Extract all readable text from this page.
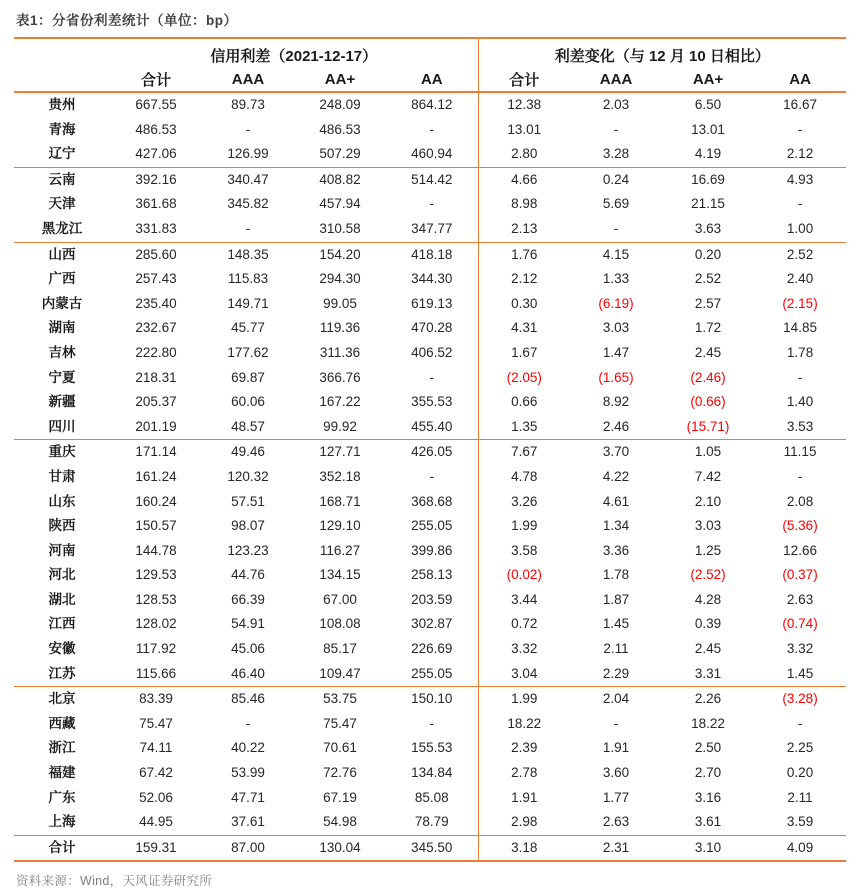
表1：分省份利差统计（单位：bp）
	信用利差（2021-12-17）				利差变化（与 12 月 10 日相比）			
	合计	AAA	AA+	AA	合计	AAA	AA+	AA
贵州	667.55	89.73	248.09	864.12	12.38	2.03	6.50	16.67
青海	486.53	-	486.53	-	13.01	-	13.01	-
辽宁	427.06	126.99	507.29	460.94	2.80	3.28	4.19	2.12
云南	392.16	340.47	408.82	514.42	4.66	0.24	16.69	4.93
天津	361.68	345.82	457.94	-	8.98	5.69	21.15	-
黑龙江	331.83	-	310.58	347.77	2.13	-	3.63	1.00
山西	285.60	148.35	154.20	418.18	1.76	4.15	0.20	2.52
广西	257.43	115.83	294.30	344.30	2.12	1.33	2.52	2.40
内蒙古	235.40	149.71	99.05	619.13	0.30	(6.19)	2.57	(2.15)
湖南	232.67	45.77	119.36	470.28	4.31	3.03	1.72	14.85
吉林	222.80	177.62	311.36	406.52	1.67	1.47	2.45	1.78
宁夏	218.31	69.87	366.76	-	(2.05)	(1.65)	(2.46)	-
新疆	205.37	60.06	167.22	355.53	0.66	8.92	(0.66)	1.40
四川	201.19	48.57	99.92	455.40	1.35	2.46	(15.71)	3.53
重庆	171.14	49.46	127.71	426.05	7.67	3.70	1.05	11.15
甘肃	161.24	120.32	352.18	-	4.78	4.22	7.42	-
山东	160.24	57.51	168.71	368.68	3.26	4.61	2.10	2.08
陕西	150.57	98.07	129.10	255.05	1.99	1.34	3.03	(5.36)
河南	144.78	123.23	116.27	399.86	3.58	3.36	1.25	12.66
河北	129.53	44.76	134.15	258.13	(0.02)	1.78	(2.52)	(0.37)
湖北	128.53	66.39	67.00	203.59	3.44	1.87	4.28	2.63
江西	128.02	54.91	108.08	302.87	0.72	1.45	0.39	(0.74)
安徽	117.92	45.06	85.17	226.69	3.32	2.11	2.45	3.32
江苏	115.66	46.40	109.47	255.05	3.04	2.29	3.31	1.45
北京	83.39	85.46	53.75	150.10	1.99	2.04	2.26	(3.28)
西藏	75.47	-	75.47	-	18.22	-	18.22	-
浙江	74.11	40.22	70.61	155.53	2.39	1.91	2.50	2.25
福建	67.42	53.99	72.76	134.84	2.78	3.60	2.70	0.20
广东	52.06	47.71	67.19	85.08	1.91	1.77	3.16	2.11
上海	44.95	37.61	54.98	78.79	2.98	2.63	3.61	3.59
合计	159.31	87.00	130.04	345.50	3.18	2.31	3.10	4.09
资料来源：Wind，天风证券研究所
